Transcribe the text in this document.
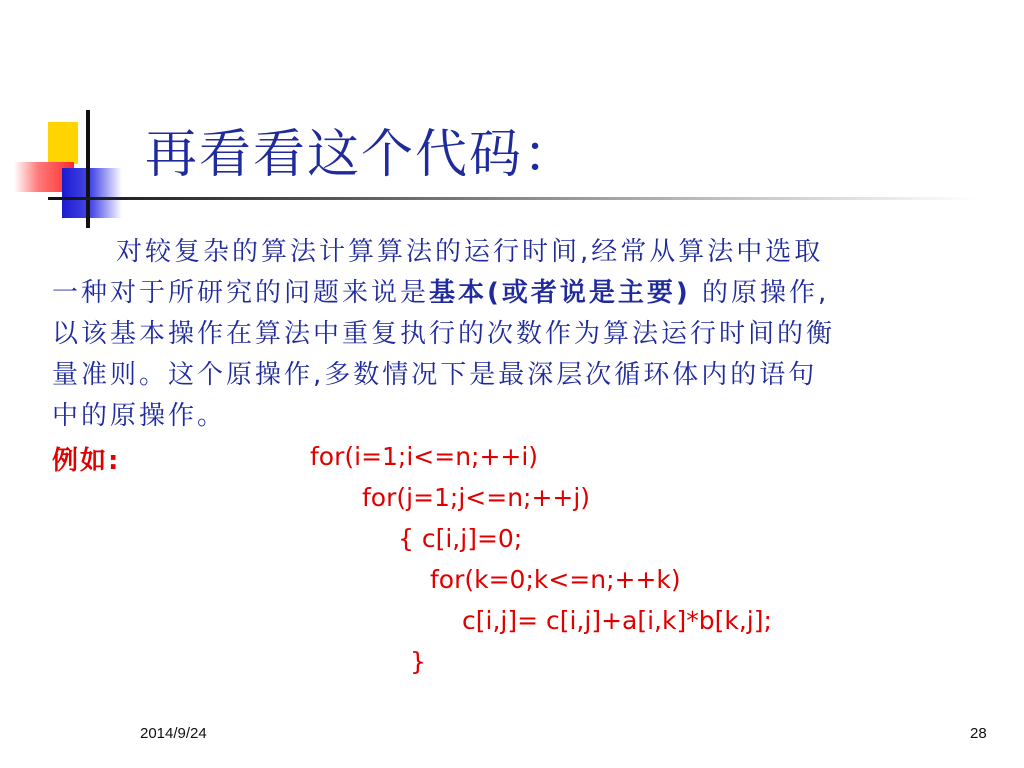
再看看这个代码：
对较复杂的算法计算算法的运行时间,经常从算法中选取
一种对于所研究的问题来说是基本(或者说是主要) 的原操作,
以该基本操作在算法中重复执行的次数作为算法运行时间的衡
量准则。这个原操作,多数情况下是最深层次循环体内的语句
中的原操作。
例如:	for(i=1;i<=n;++i)
for(j=1;j<=n;++j)
{ c[i,j]=0;
for(k=0;k<=n;++k)
c[i,j]= c[i,j]+a[i,k]*b[k,j];
}
2014/9/24	28
